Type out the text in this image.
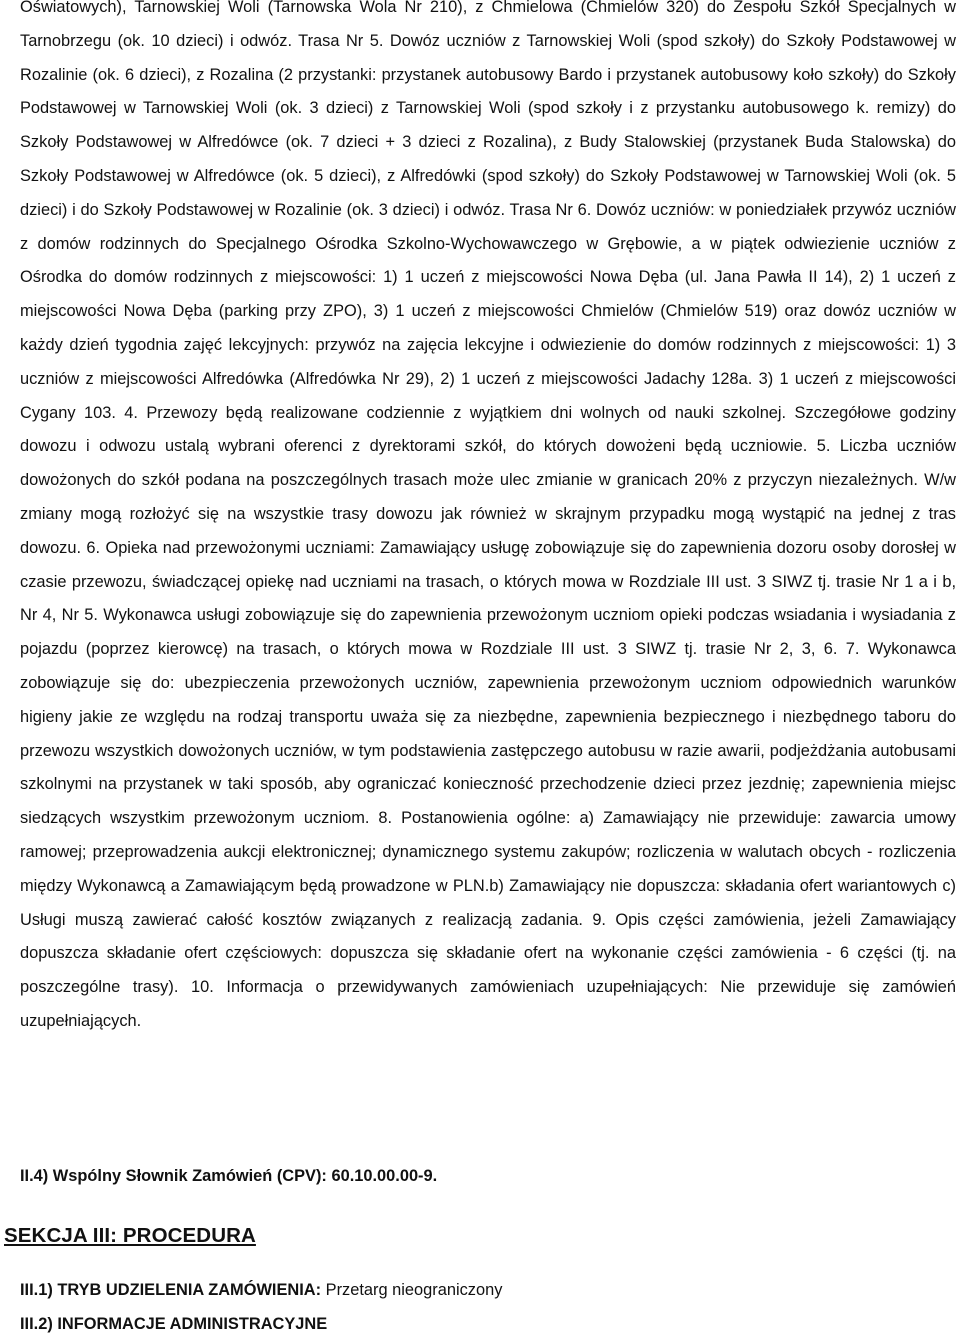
Oświatowych), Tarnowskiej Woli (Tarnowska Wola Nr 210), z Chmielowa (Chmielów 320) do Zespołu Szkół Specjalnych w Tarnobrzegu (ok. 10 dzieci) i odwóz. Trasa Nr 5. Dowóz uczniów z Tarnowskiej Woli (spod szkoły) do Szkoły Podstawowej w Rozalinie (ok. 6 dzieci), z Rozalina (2 przystanki: przystanek autobusowy Bardo i przystanek autobusowy koło szkoły) do Szkoły Podstawowej w Tarnowskiej Woli (ok. 3 dzieci) z Tarnowskiej Woli (spod szkoły i z przystanku autobusowego k. remizy) do Szkoły Podstawowej w Alfredówce (ok. 7 dzieci + 3 dzieci z Rozalina), z Budy Stalowskiej (przystanek Buda Stalowska) do Szkoły Podstawowej w Alfredówce (ok. 5 dzieci), z Alfredówki (spod szkoły) do Szkoły Podstawowej w Tarnowskiej Woli (ok. 5 dzieci) i do Szkoły Podstawowej w Rozalinie (ok. 3 dzieci) i odwóz. Trasa Nr 6. Dowóz uczniów: w poniedziałek przywóz uczniów z domów rodzinnych do Specjalnego Ośrodka Szkolno-Wychowawczego w Grębowie, a w piątek odwiezienie uczniów z Ośrodka do domów rodzinnych z miejscowości: 1) 1 uczeń z miejscowości Nowa Dęba (ul. Jana Pawła II 14), 2) 1 uczeń z miejscowości Nowa Dęba (parking przy ZPO), 3) 1 uczeń z miejscowości Chmielów (Chmielów 519) oraz dowóz uczniów w każdy dzień tygodnia zajęć lekcyjnych: przywóz na zajęcia lekcyjne i odwiezienie do domów rodzinnych z miejscowości: 1) 3 uczniów z miejscowości Alfredówka (Alfredówka Nr 29), 2) 1 uczeń z miejscowości Jadachy 128a. 3) 1 uczeń z miejscowości Cygany 103. 4. Przewozy będą realizowane codziennie z wyjątkiem dni wolnych od nauki szkolnej. Szczegółowe godziny dowozu i odwozu ustalą wybrani oferenci z dyrektorami szkół, do których dowożeni będą uczniowie. 5. Liczba uczniów dowożonych do szkół podana na poszczególnych trasach może ulec zmianie w granicach 20% z przyczyn niezależnych. W/w zmiany mogą rozłożyć się na wszystkie trasy dowozu jak również w skrajnym przypadku mogą wystąpić na jednej z tras dowozu. 6. Opieka nad przewożonymi uczniami: Zamawiający usługę zobowiązuje się do zapewnienia dozoru osoby dorosłej w czasie przewozu, świadczącej opiekę nad uczniami na trasach, o których mowa w Rozdziale III ust. 3 SIWZ tj. trasie Nr 1 a i b, Nr 4, Nr 5. Wykonawca usługi zobowiązuje się do zapewnienia przewożonym uczniom opieki podczas wsiadania i wysiadania z pojazdu (poprzez kierowcę) na trasach, o których mowa w Rozdziale III ust. 3 SIWZ tj. trasie Nr 2, 3, 6. 7. Wykonawca zobowiązuje się do: ubezpieczenia przewożonych uczniów, zapewnienia przewożonym uczniom odpowiednich warunków higieny jakie ze względu na rodzaj transportu uważa się za niezbędne, zapewnienia bezpiecznego i niezbędnego taboru do przewozu wszystkich dowożonych uczniów, w tym podstawienia zastępczego autobusu w razie awarii, podjeżdżania autobusami szkolnymi na przystanek w taki sposób, aby ograniczać konieczność przechodzenie dzieci przez jezdnię; zapewnienia miejsc siedzących wszystkim przewożonym uczniom. 8. Postanowienia ogólne: a) Zamawiający nie przewiduje: zawarcia umowy ramowej; przeprowadzenia aukcji elektronicznej; dynamicznego systemu zakupów; rozliczenia w walutach obcych - rozliczenia między Wykonawcą a Zamawiającym będą prowadzone w PLN.b) Zamawiający nie dopuszcza: składania ofert wariantowych c) Usługi muszą zawierać całość kosztów związanych z realizacją zadania. 9. Opis części zamówienia, jeżeli Zamawiający dopuszcza składanie ofert częściowych: dopuszcza się składanie ofert na wykonanie części zamówienia - 6 części (tj. na poszczególne trasy). 10. Informacja o przewidywanych zamówieniach uzupełniających: Nie przewiduje się zamówień uzupełniających.

II.4) Wspólny Słownik Zamówień (CPV): 60.10.00.00-9.

SEKCJA III: PROCEDURA

III.1) TRYB UDZIELENIA ZAMÓWIENIA: Przetarg nieograniczony

III.2) INFORMACJE ADMINISTRACYJNE
